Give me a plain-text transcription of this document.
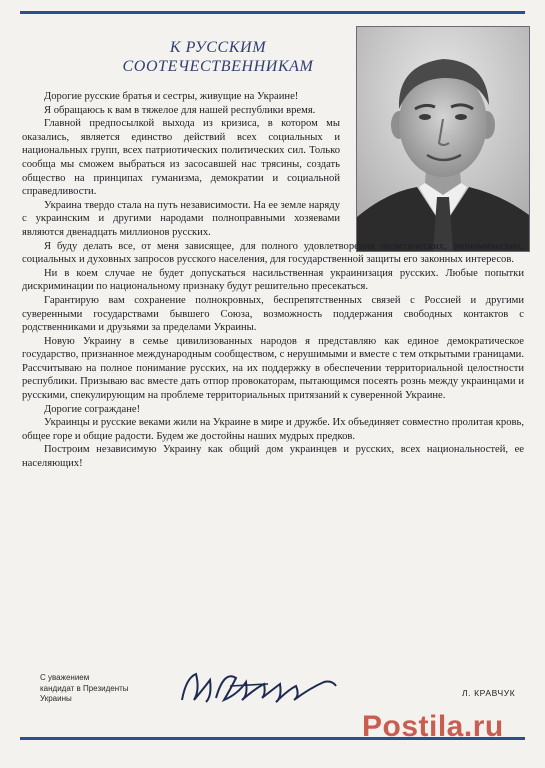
К РУССКИМ
СООТЕЧЕСТВЕННИКАМ

Дорогие русские братья и сестры, живущие на Украине!

Я обращаюсь к вам в тяжелое для нашей республики время.

Главной предпосылкой выхода из кризиса, в котором мы оказались, является единство действий всех социальных и национальных групп, всех патриотических политических сил. Только сообща мы сможем выбраться из засосавшей нас трясины, создать общество на принципах гуманизма, демократии и социальной справедливости.

Украина твердо стала на путь независимости. На ее земле наряду с украинским и другими народами полноправными хозяевами являются двенадцать миллионов русских.

Я буду делать все, от меня зависящее, для полного удовлетворения политических, экономических, социальных и духовных запросов русского населения, для государственной защиты его законных интересов.

Ни в коем случае не будет допускаться насильственная украинизация русских. Любые попытки дискриминации по национальному признаку будут решительно пресекаться.

Гарантирую вам сохранение полнокровных, беспрепятственных связей с Россией и другими суверенными государствами бывшего Союза, возможность поддержания свободных контактов с родственниками и друзьями за пределами Украины.

Новую Украину в семье цивилизованных народов я представляю как единое демократическое государство, признанное международным сообществом, с нерушимыми и вместе с тем открытыми границами. Рассчитываю на полное понимание русских, на их поддержку в обеспечении территориальной целостности республики. Призываю вас вместе дать отпор провокаторам, пытающимся посеять рознь между украинцами и русскими, спекулирующим на проблеме территориальных притязаний к суверенной Украине.

Дорогие сограждане!

Украинцы и русские веками жили на Украине в мире и дружбе. Их объединяет совместно пролитая кровь, общее горе и общие радости. Будем же достойны наших мудрых предков.

Построим независимую Украину как общий дом украинцев и русских, всех национальностей, ее населяющих!

С уважением
кандидат в Президенты
Украины
Л. КРАВЧУК
Postila.ru
